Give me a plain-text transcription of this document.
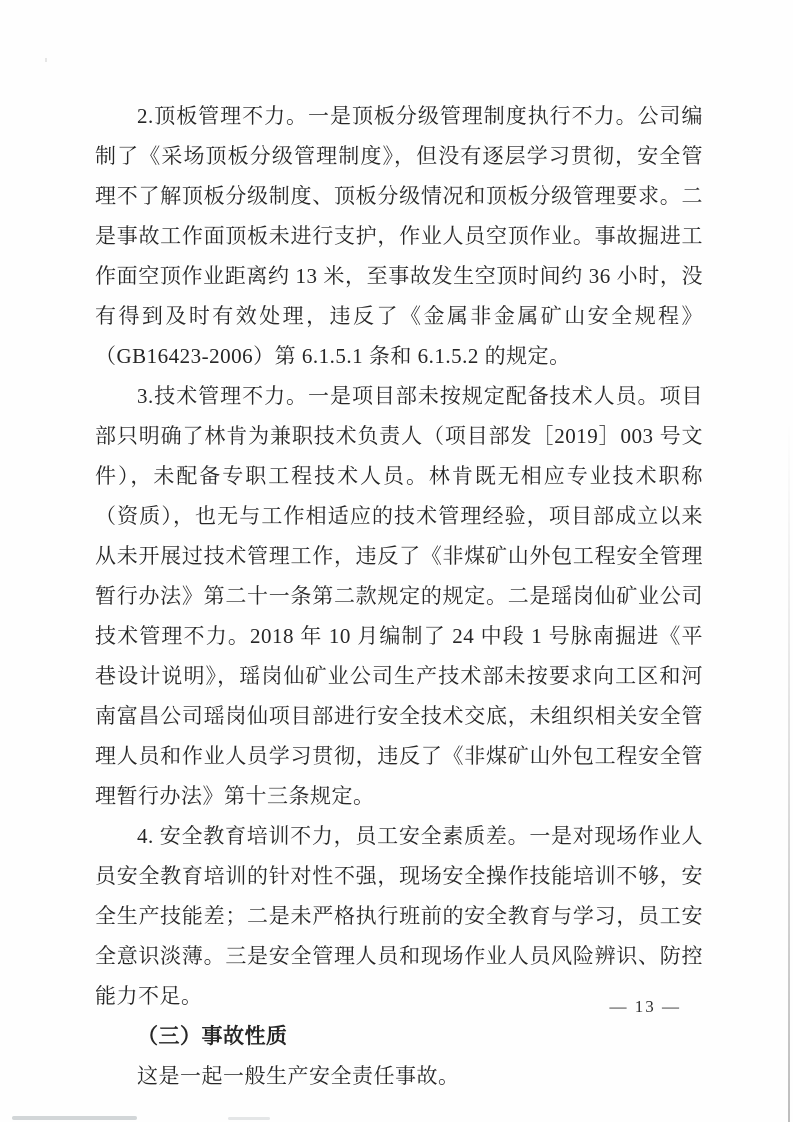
2.顶板管理不力。一是顶板分级管理制度执行不力。公司编制了《采场顶板分级管理制度》，但没有逐层学习贯彻，安全管理不了解顶板分级制度、顶板分级情况和顶板分级管理要求。二是事故工作面顶板未进行支护，作业人员空顶作业。事故掘进工作面空顶作业距离约 13 米，至事故发生空顶时间约 36 小时，没有得到及时有效处理，违反了《金属非金属矿山安全规程》（GB16423-2006）第 6.1.5.1 条和 6.1.5.2 的规定。

3.技术管理不力。一是项目部未按规定配备技术人员。项目部只明确了林肯为兼职技术负责人（项目部发［2019］003 号文件），未配备专职工程技术人员。林肯既无相应专业技术职称（资质），也无与工作相适应的技术管理经验，项目部成立以来从未开展过技术管理工作，违反了《非煤矿山外包工程安全管理暂行办法》第二十一条第二款规定的规定。二是瑶岗仙矿业公司技术管理不力。2018 年 10 月编制了 24 中段 1 号脉南掘进《平巷设计说明》，瑶岗仙矿业公司生产技术部未按要求向工区和河南富昌公司瑶岗仙项目部进行安全技术交底，未组织相关安全管理人员和作业人员学习贯彻，违反了《非煤矿山外包工程安全管理暂行办法》第十三条规定。

4. 安全教育培训不力，员工安全素质差。一是对现场作业人员安全教育培训的针对性不强，现场安全操作技能培训不够，安全生产技能差；二是未严格执行班前的安全教育与学习，员工安全意识淡薄。三是安全管理人员和现场作业人员风险辨识、防控能力不足。

（三）事故性质

这是一起一般生产安全责任事故。

— 13 —
